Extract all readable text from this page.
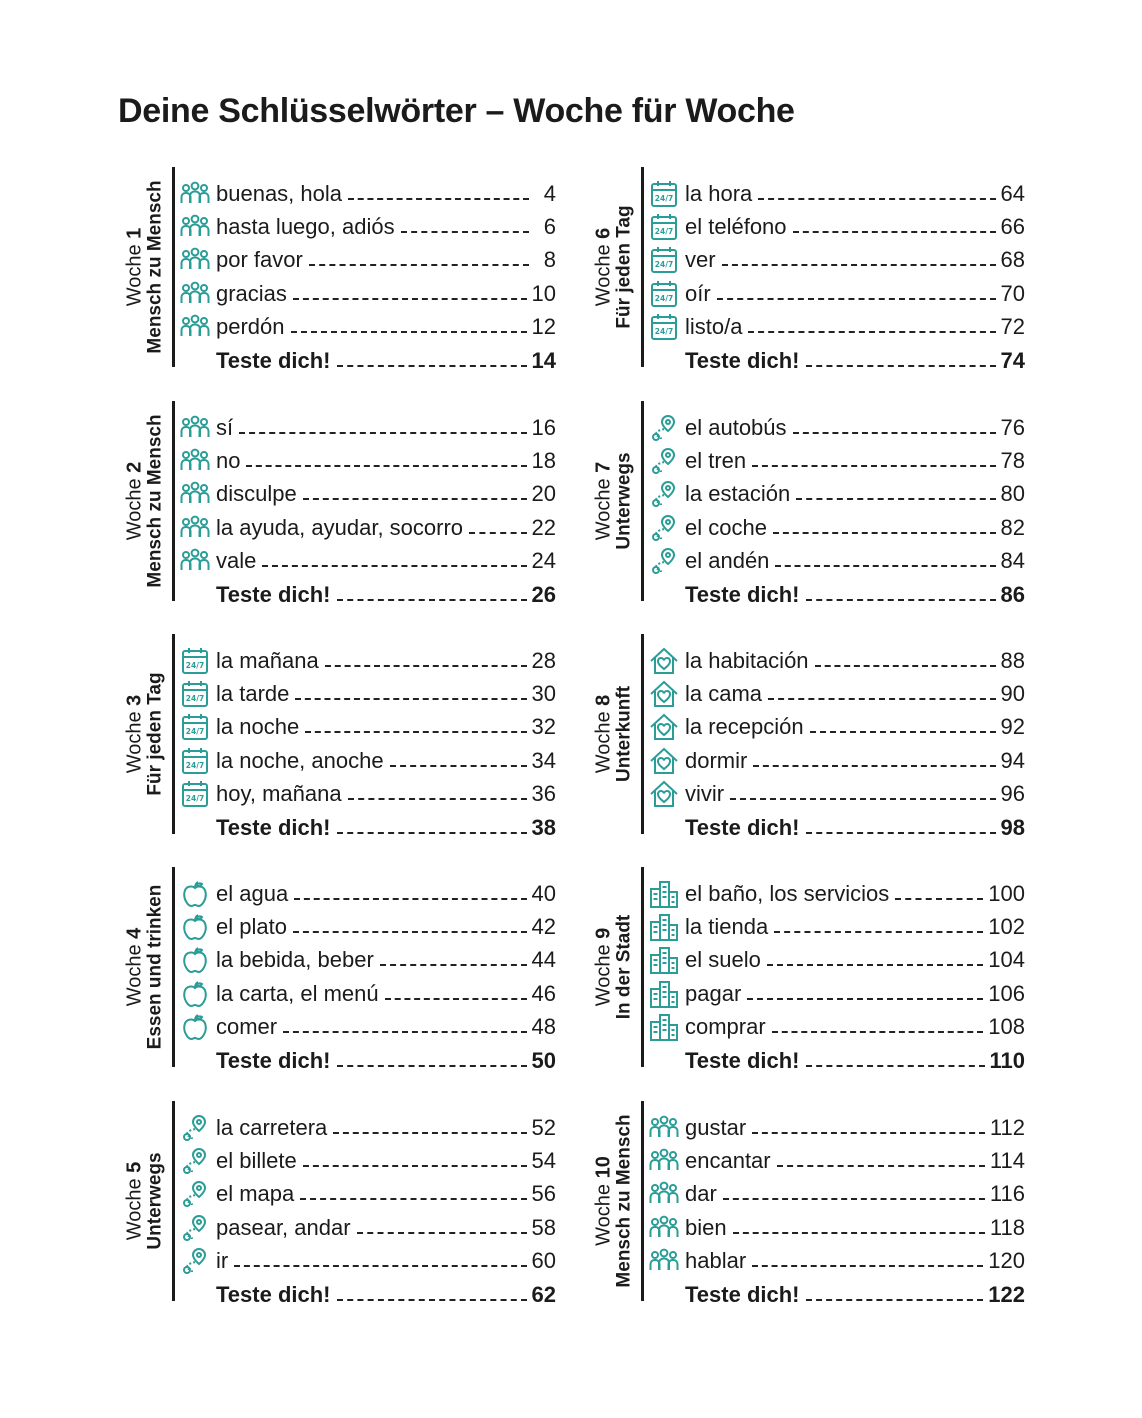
Deine Schlüsselwörter – Woche für Woche
Woche 1 Mensch zu Mensch buenas, hola	4
hasta luego, adiós	6
por favor	8
gracias	10
perdón	12
Teste dich!	14
Woche 2 Mensch zu Mensch sí	16
no	18
disculpe	20
la ayuda, ayudar, socorro	22
vale	24
Teste dich!	26
Woche 3 Für jeden Tag
24/7 la mañana	28
24/7 la tarde	30
24/7 la noche	32
24/7 la noche, anoche	34
24/7 hoy, mañana	36
Teste dich!	38
Woche 4 Essen und trinken el agua	40
el plato	42
la bebida, beber	44
la carta, el menú	46
comer	48
Teste dich!	50
Woche 5 Unterwegs
la carretera	52
el billete	54
el mapa	56
pasear, andar	58
ir	60
Teste dich!	62
Woche 6 Für jeden Tag
24/7 la hora	64
24/7 el teléfono	66
24/7 ver	68
24/7 oír	70
24/7 listo/a	72
Teste dich!	74
Woche 7 Unterwegs
el autobús	76
el tren	78
la estación	80
el coche	82
el andén	84
Teste dich!	86
Woche 8 Unterkunft
la habitación	88
la cama	90
la recepción	92
dormir	94
vivir	96
Teste dich!	98
Woche 9 In der Stadt
el baño, los servicios	100
la tienda	102
el suelo	104
pagar	106
comprar	108
Teste dich!	110
Woche 10 Mensch zu Mensch gustar	112
encantar	114
dar	116
bien	118
hablar	120
Teste dich!	122
